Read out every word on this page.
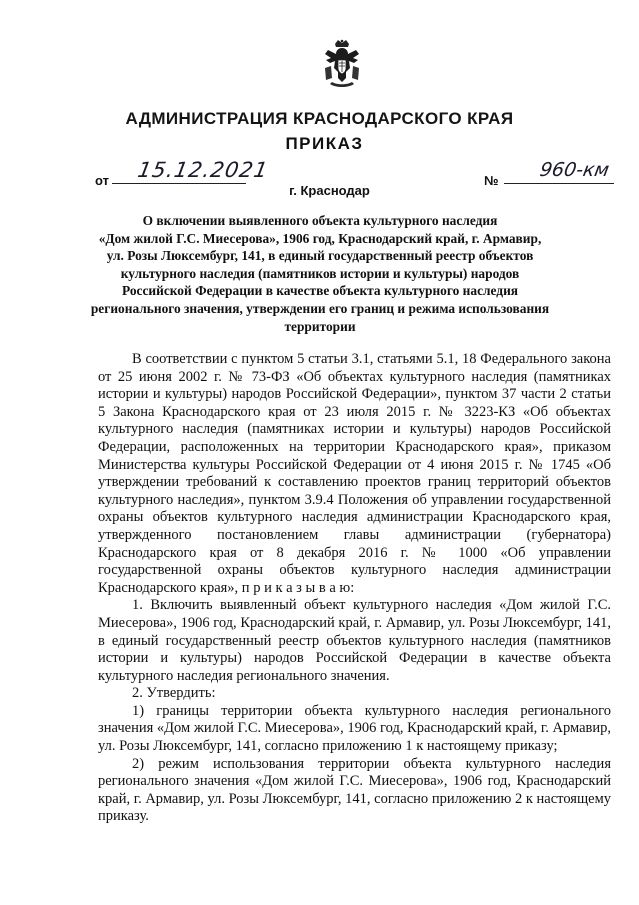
АДМИНИСТРАЦИЯ КРАСНОДАРСКОГО КРАЯ
ПРИКАЗ
от 15.12.2021	№ 960-км
г. Краснодар
О включении выявленного объекта культурного наследия
«Дом жилой Г.С. Миесерова», 1906 год, Краснодарский край, г. Армавир,
ул. Розы Люксембург, 141, в единый государственный реестр объектов
культурного наследия (памятников истории и культуры) народов
Российской Федерации в качестве объекта культурного наследия
регионального значения, утверждении его границ и режима использования
территории

В соответствии с пунктом 5 статьи 3.1, статьями 5.1, 18 Федерального закона от 25 июня 2002 г. № 73-ФЗ «Об объектах культурного наследия (памятниках истории и культуры) народов Российской Федерации», пунктом 37 части 2 статьи 5 Закона Краснодарского края от 23 июля 2015 г. № 3223-КЗ «Об объектах культурного наследия (памятниках истории и культуры) народов Российской Федерации, расположенных на территории Краснодарского края», приказом Министерства культуры Российской Федерации от 4 июня 2015 г. № 1745 «Об утверждении требований к составлению проектов границ территорий объектов культурного наследия», пунктом 3.9.4 Положения об управлении государственной охраны объектов культурного наследия администрации Краснодарского края, утвержденного постановлением главы администрации (губернатора) Краснодарского края от 8 декабря 2016 г. № 1000 «Об управлении государственной охраны объектов культурного наследия администрации Краснодарского края», п р и к а з ы в а ю:

1. Включить выявленный объект культурного наследия «Дом жилой Г.С. Миесерова», 1906 год, Краснодарский край, г. Армавир, ул. Розы Люксембург, 141, в единый государственный реестр объектов культурного наследия (памятников истории и культуры) народов Российской Федерации в качестве объекта культурного наследия регионального значения.

2. Утвердить:

1) границы территории объекта культурного наследия регионального значения «Дом жилой Г.С. Миесерова», 1906 год, Краснодарский край, г. Армавир, ул. Розы Люксембург, 141, согласно приложению 1 к настоящему приказу;

2) режим использования территории объекта культурного наследия регионального значения «Дом жилой Г.С. Миесерова», 1906 год, Краснодарский край, г. Армавир, ул. Розы Люксембург, 141, согласно приложению 2 к настоящему приказу.
